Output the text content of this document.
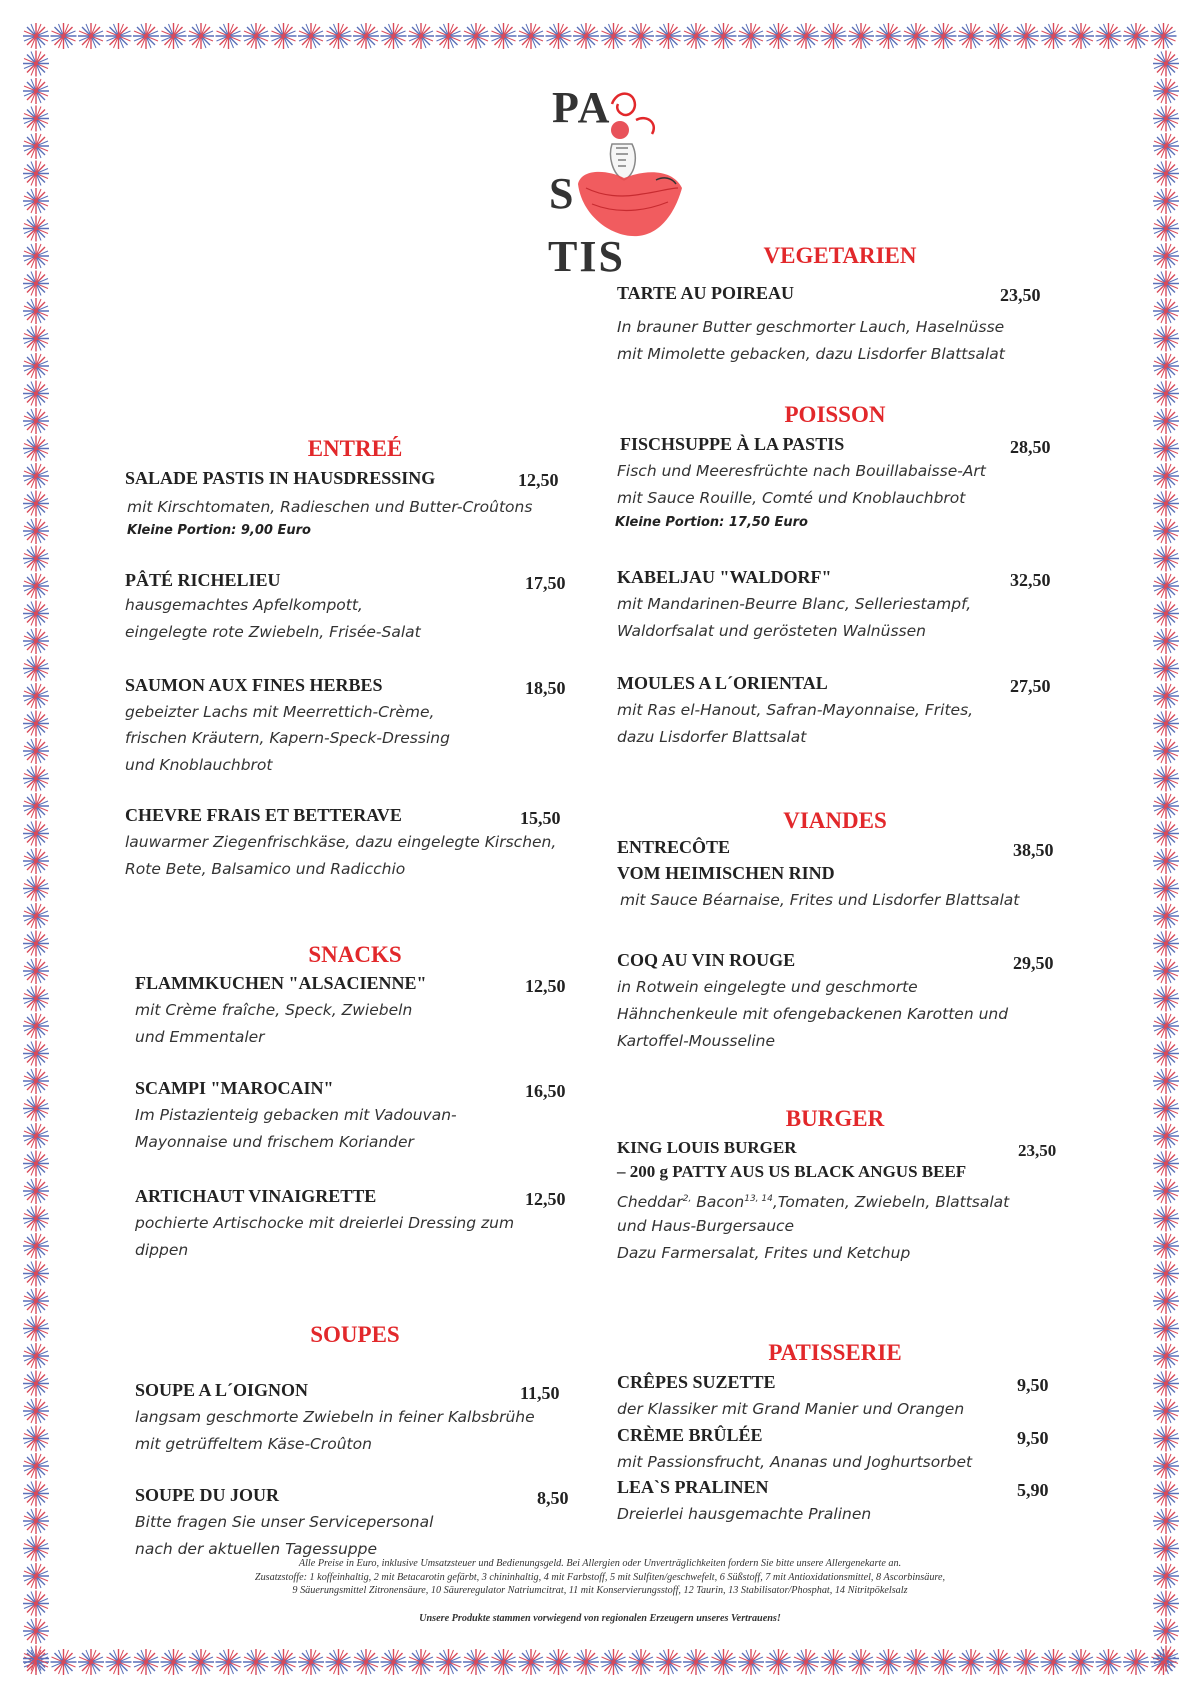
PA
S
TIS	VEGETARIEN
TARTE AU POIREAU	23,50
In brauner Butter geschmorter Lauch, Haselnüsse
mit Mimolette gebacken, dazu Lisdorfer Blattsalat
ENTREÉ
SALADE PASTIS IN HAUSDRESSING	12,50
mit Kirschtomaten, Radieschen und Butter-Croûtons
Kleine Portion: 9,00 Euro
PÂTÉ RICHELIEU	17,50
hausgemachtes Apfelkompott,
eingelegte rote Zwiebeln, Frisée-Salat
SAUMON AUX FINES HERBES	18,50
gebeizter Lachs mit Meerrettich-Crème,
frischen Kräutern, Kapern-Speck-Dressing
und Knoblauchbrot
CHEVRE FRAIS ET BETTERAVE	15,50
lauwarmer Ziegenfrischkäse, dazu eingelegte Kirschen,
Rote Bete, Balsamico und Radicchio
SNACKS
FLAMMKUCHEN "ALSACIENNE"	12,50
mit Crème fraîche, Speck, Zwiebeln
und Emmentaler
SCAMPI "MAROCAIN"	16,50
Im Pistazienteig gebacken mit Vadouvan-
Mayonnaise und frischem Koriander
ARTICHAUT VINAIGRETTE	12,50
pochierte Artischocke mit dreierlei Dressing zum
dippen
SOUPES
SOUPE A L´OIGNON	11,50
langsam geschmorte Zwiebeln in feiner Kalbsbrühe
mit getrüffeltem Käse-Croûton
SOUPE DU JOUR	8,50
Bitte fragen Sie unser Servicepersonal
nach der aktuellen Tagessuppe
POISSON
FISCHSUPPE À LA PASTIS	28,50
Fisch und Meeresfrüchte nach Bouillabaisse-Art
mit Sauce Rouille, Comté und Knoblauchbrot
Kleine Portion: 17,50 Euro
KABELJAU "WALDORF"	32,50
mit Mandarinen-Beurre Blanc, Selleriestampf,
Waldorfsalat und gerösteten Walnüssen
MOULES A L´ORIENTAL	27,50
mit Ras el-Hanout, Safran-Mayonnaise, Frites,
dazu Lisdorfer Blattsalat
VIANDES
ENTRECÔTE
VOM HEIMISCHEN RIND
38,50
mit Sauce Béarnaise, Frites und Lisdorfer Blattsalat
COQ AU VIN ROUGE	29,50
in Rotwein eingelegte und geschmorte
Hähnchenkeule mit ofengebackenen Karotten und
Kartoffel-Mousseline
BURGER
KING LOUIS BURGER	23,50
– 200 g PATTY AUS US BLACK ANGUS BEEF
Cheddar$^{2,}$ Bacon$^{13, 14}$,Tomaten, Zwiebeln, Blattsalat
und Haus-Burgersauce
Dazu Farmersalat, Frites und Ketchup
PATISSERIE
CRÊPES SUZETTE	9,50
der Klassiker mit Grand Manier und Orangen
CRÈME BRÛLÉE	9,50
mit Passionsfrucht, Ananas und Joghurtsorbet
LEA`S PRALINEN	5,90
Dreierlei hausgemachte Pralinen
Alle Preise in Euro, inklusive Umsatzsteuer und Bedienungsgeld. Bei Allergien oder Unverträglichkeiten fordern Sie bitte unsere Allergenekarte an.
Zusatzstoffe: 1 koffeinhaltig, 2 mit Betacarotin gefärbt, 3 chininhaltig, 4 mit Farbstoff, 5 mit Sulfiten/geschwefelt, 6 Süßstoff, 7 mit Antioxidationsmittel, 8 Ascorbinsäure,
9 Säuerungsmittel Zitronensäure, 10 Säureregulator Natriumcitrat, 11 mit Konservierungsstoff, 12 Taurin, 13 Stabilisator/Phosphat, 14 Nitritpökelsalz
Unsere Produkte stammen vorwiegend von regionalen Erzeugern unseres Vertrauens!
